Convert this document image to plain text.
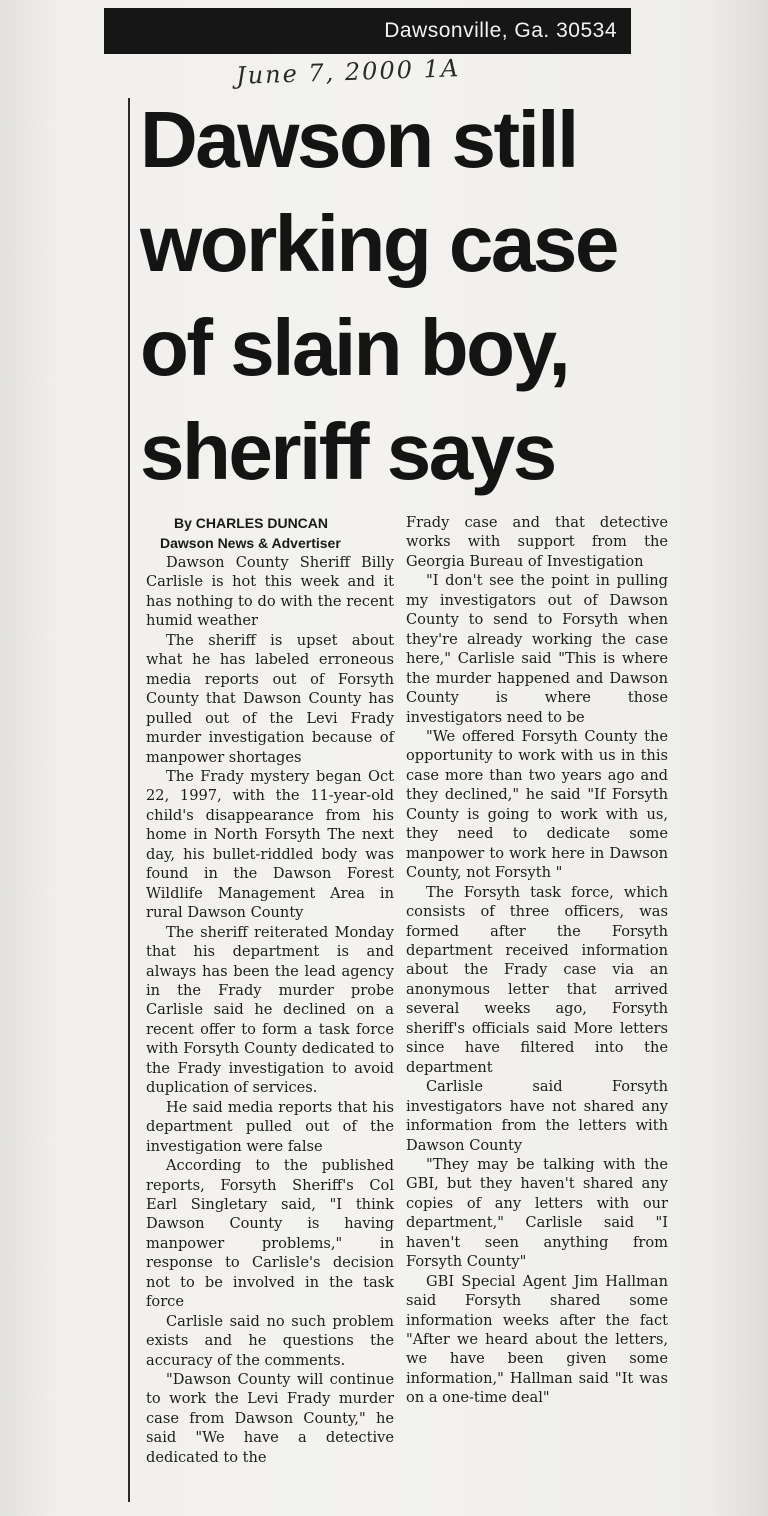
Dawsonville, Ga. 30534
June 7, 2000 1A
Dawson still
working case
of slain boy,
sheriff says
By CHARLES DUNCAN
Dawson News & Advertiser

Dawson County Sheriff Billy Carlisle is hot this week and it has nothing to do with the recent humid weather

The sheriff is upset about what he has labeled erroneous media reports out of Forsyth County that Dawson County has pulled out of the Levi Frady murder investigation because of manpower shortages

The Frady mystery began Oct 22, 1997, with the 11-year-old child's disappearance from his home in North Forsyth The next day, his bullet-riddled body was found in the Dawson Forest Wildlife Management Area in rural Dawson County

The sheriff reiterated Monday that his department is and always has been the lead agency in the Frady murder probe Carlisle said he declined on a recent offer to form a task force with Forsyth County dedicated to the Frady investigation to avoid duplication of services.

He said media reports that his department pulled out of the investigation were false

According to the published reports, Forsyth Sheriff's Col Earl Singletary said, "I think Dawson County is having manpower problems," in response to Carlisle's decision not to be involved in the task force

Carlisle said no such problem exists and he questions the accuracy of the comments.

"Dawson County will continue to work the Levi Frady murder case from Dawson County," he said "We have a detective dedicated to the

Frady case and that detective works with support from the Georgia Bureau of Investigation

"I don't see the point in pulling my investigators out of Dawson County to send to Forsyth when they're already working the case here," Carlisle said "This is where the murder happened and Dawson County is where those investigators need to be

"We offered Forsyth County the opportunity to work with us in this case more than two years ago and they declined," he said "If Forsyth County is going to work with us, they need to dedicate some manpower to work here in Dawson County, not Forsyth "

The Forsyth task force, which consists of three officers, was formed after the Forsyth department received information about the Frady case via an anonymous letter that arrived several weeks ago, Forsyth sheriff's officials said More letters since have filtered into the department

Carlisle said Forsyth investigators have not shared any information from the letters with Dawson County

"They may be talking with the GBI, but they haven't shared any copies of any letters with our department," Carlisle said "I haven't seen anything from Forsyth County"

GBI Special Agent Jim Hallman said Forsyth shared some information weeks after the fact "After we heard about the letters, we have been given some information," Hallman said "It was on a one-time deal"
